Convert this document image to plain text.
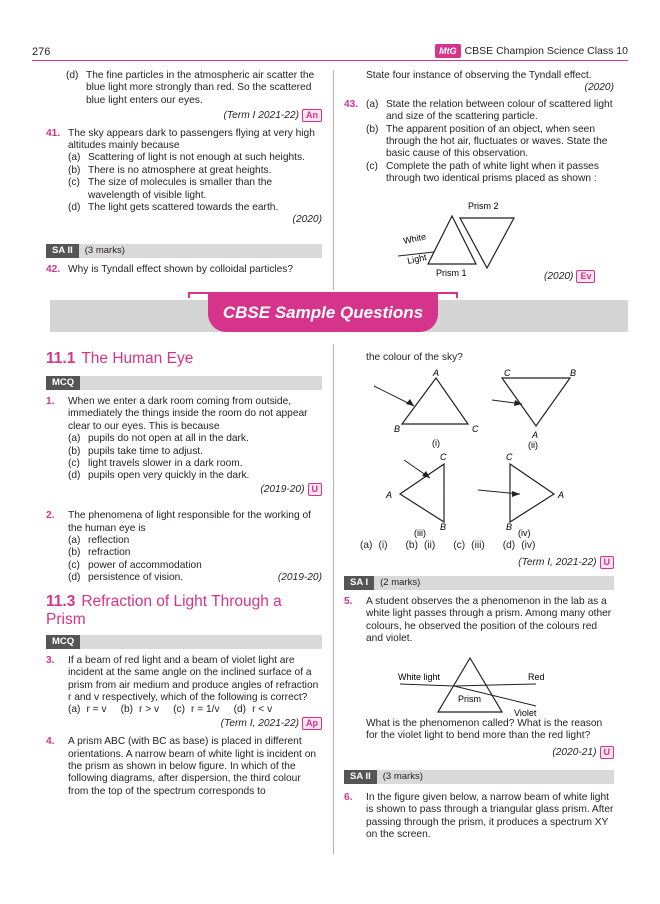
276	MtG CBSE Champion Science Class 10
(d) The fine particles in the atmospheric air scatter the blue light more strongly than red. So the scattered blue light enters our eyes.
(Term I 2021-22) An
41. The sky appears dark to passengers flying at very high altitudes mainly because
(a) Scattering of light is not enough at such heights.
(b) There is no atmosphere at great heights.
(c) The size of molecules is smaller than the wavelength of visible light.
(d) The light gets scattered towards the earth.
(2020)
SA II (3 marks)
42. Why is Tyndall effect shown by colloidal particles?
State four instance of observing the Tyndall effect.
(2020)
43. (a) State the relation between colour of scattered light and size of the scattering particle.
(b) The apparent position of an object, when seen through the hot air, fluctuates or waves. State the basic cause of this observation.
(c) Complete the path of white light when it passes through two identical prisms placed as shown :
Prism 2
White
Light
Prism 1	(2020) Ev
CBSE Sample Questions
11.1 The Human Eye
MCQ
1. When we enter a dark room coming from outside, immediately the things inside the room do not appear clear to our eyes. This is because
(a) pupils do not open at all in the dark.
(b) pupils take time to adjust.
(c) light travels slower in a dark room.
(d) pupils open very quickly in the dark.
(2019-20) U
2. The phenomena of light responsible for the working of the human eye is
(a) reflection
(b) refraction
(c) power of accommodation
(d) persistence of vision.	(2019-20)
11.3 Refraction of Light Through a Prism
MCQ
3. If a beam of red light and a beam of violet light are incident at the same angle on the inclined surface of a prism from air medium and produce angles of refraction r and v respectively, which of the following is correct?
(a) r = v (b) r > v (c) r = 1/v (d) r < v
(Term I, 2021-22) Ap
4. A prism ABC (with BC as base) is placed in different orientations. A narrow beam of white light is incident on the prism as shown in below figure. In which of the following diagrams, after dispersion, the third colour from the top of the spectrum corresponds to
the colour of the sky?
A
B	C
(i)
C	B
A
(ii)
C
A
B
(iii)
C
A
B
(iv)
(a) (i) (b) (ii) (c) (iii) (d) (iv)
(Term I, 2021-22) U
SA I (2 marks)
5. A student observes the a phenomenon in the lab as a white light passes through a prism. Among many other colours, he observed the position of the colours red and violet.
White light
Prism
Red
Violet
What is the phenomenon called? What is the reason for the violet light to bend more than the red light?
(2020-21) U
SA II (3 marks)
6. In the figure given below, a narrow beam of white light is shown to pass through a triangular glass prism. After passing through the prism, it produces a spectrum XY on the screen.
